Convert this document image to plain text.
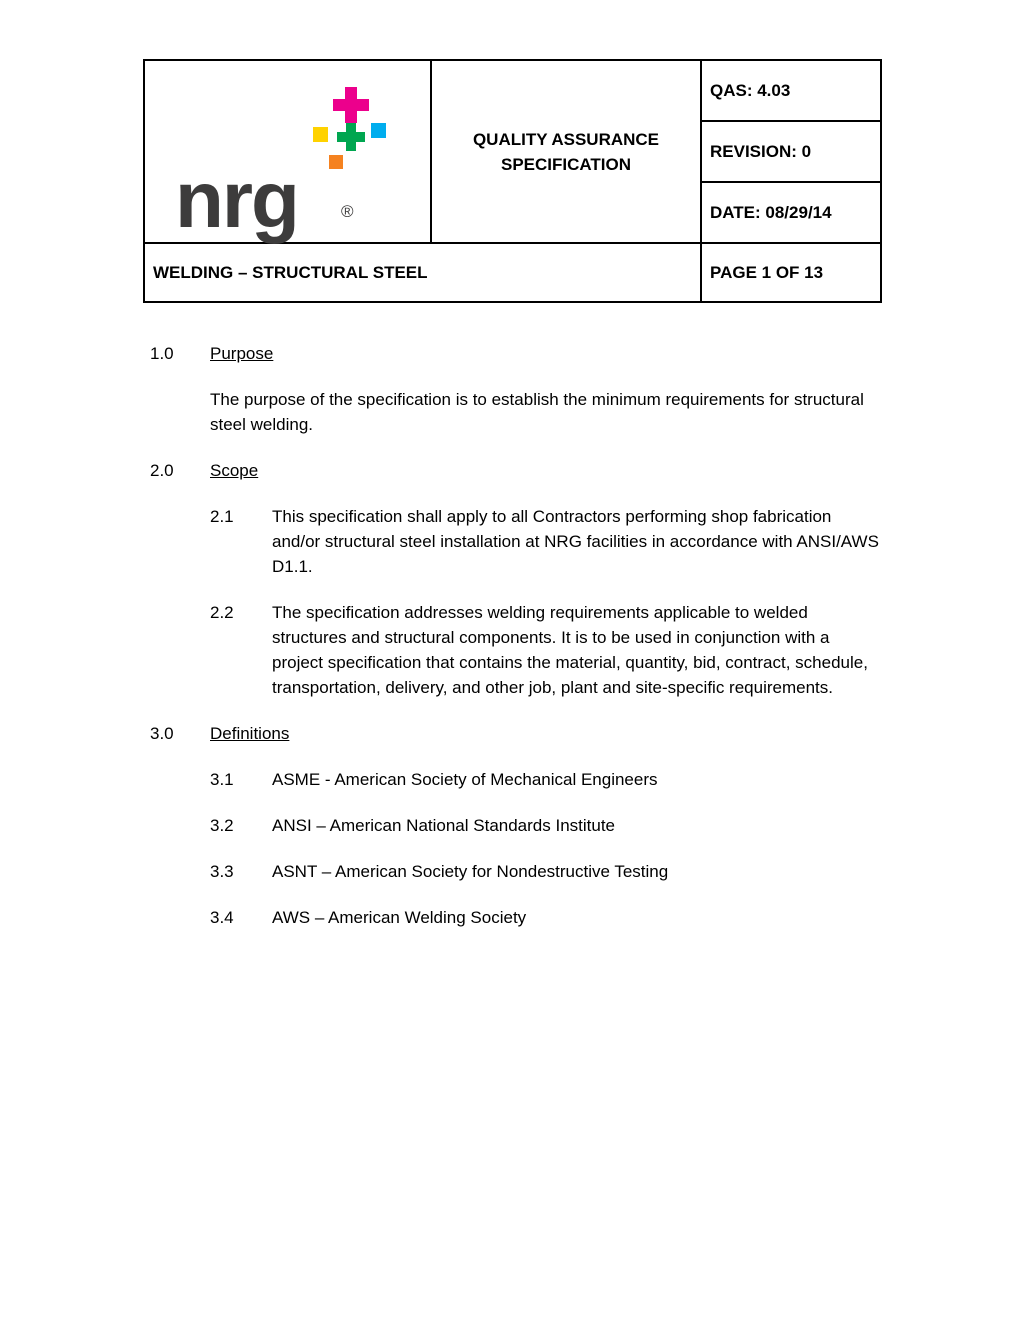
nrg ®	QUALITY ASSURANCE SPECIFICATION	QAS: 4.03
		REVISION: 0
		DATE: 08/29/14
WELDING – STRUCTURAL STEEL		PAGE 1 OF 13
1.0	Purpose
The purpose of the specification is to establish the minimum requirements for structural steel welding.
2.0	Scope
2.1	This specification shall apply to all Contractors performing shop fabrication and/or structural steel installation at NRG facilities in accordance with ANSI/AWS D1.1.
2.2	The specification addresses welding requirements applicable to welded structures and structural components. It is to be used in conjunction with a project specification that contains the material, quantity, bid, contract, schedule, transportation, delivery, and other job, plant and site-specific requirements.
3.0	Definitions
3.1	ASME - American Society of Mechanical Engineers
3.2	ANSI – American National Standards Institute
3.3	ASNT – American Society for Nondestructive Testing
3.4	AWS – American Welding Society
